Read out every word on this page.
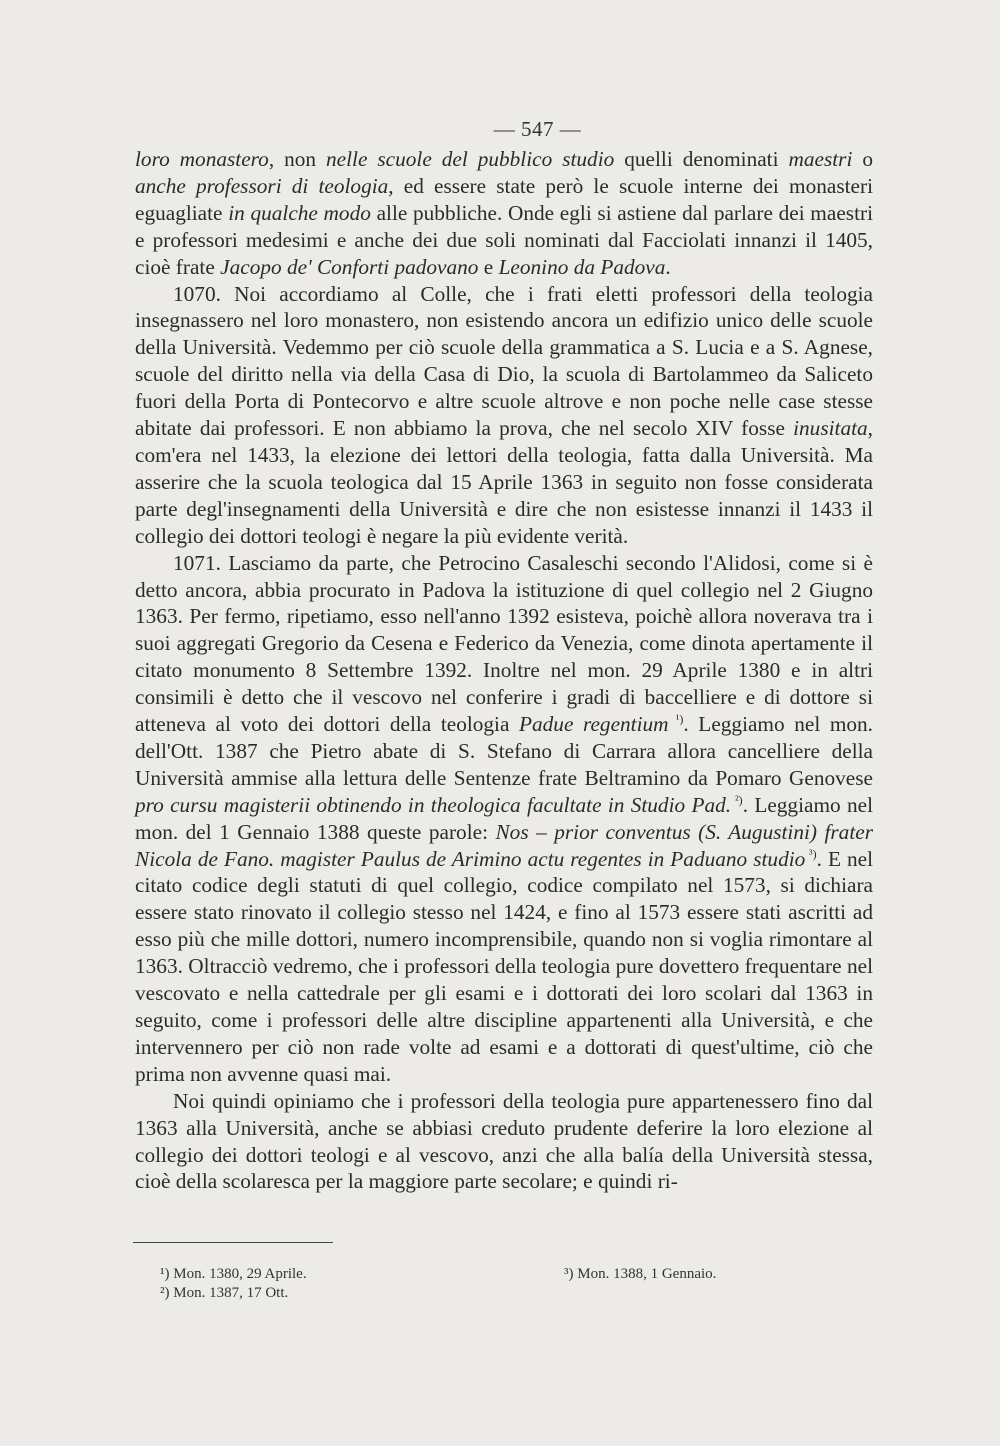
— 547 —

loro monastero, non nelle scuole del pubblico studio quelli denominati maestri o anche professori di teologia, ed essere state però le scuole interne dei monasteri eguagliate in qualche modo alle pubbliche. Onde egli si astiene dal parlare dei maestri e professori medesimi e anche dei due soli nominati dal Facciolati innanzi il 1405, cioè frate Jacopo de' Conforti padovano e Leonino da Padova.

1070. Noi accordiamo al Colle, che i frati eletti professori della teologia insegnassero nel loro monastero, non esistendo ancora un edifizio unico delle scuole della Università. Vedemmo per ciò scuole della grammatica a S. Lucia e a S. Agnese, scuole del diritto nella via della Casa di Dio, la scuola di Bartolammeo da Saliceto fuori della Porta di Pontecorvo e altre scuole altrove e non poche nelle case stesse abitate dai professori. E non abbiamo la prova, che nel secolo XIV fosse inusitata, com'era nel 1433, la elezione dei lettori della teologia, fatta dalla Università. Ma asserire che la scuola teologica dal 15 Aprile 1363 in seguito non fosse considerata parte degl'insegnamenti della Università e dire che non esistesse innanzi il 1433 il collegio dei dottori teologi è negare la più evidente verità.

1071. Lasciamo da parte, che Petrocino Casaleschi secondo l'Alidosi, come si è detto ancora, abbia procurato in Padova la istituzione di quel collegio nel 2 Giugno 1363. Per fermo, ripetiamo, esso nell'anno 1392 esisteva, poichè allora noverava tra i suoi aggregati Gregorio da Cesena e Federico da Venezia, come dinota apertamente il citato monumento 8 Settembre 1392. Inoltre nel mon. 29 Aprile 1380 e in altri consimili è detto che il vescovo nel conferire i gradi di baccelliere e di dottore si atteneva al voto dei dottori della teologia Padue regentium $^{^1)}$. Leggiamo nel mon. dell'Ott. 1387 che Pietro abate di S. Stefano di Carrara allora cancelliere della Università ammise alla lettura delle Sentenze frate Beltramino da Pomaro Genovese pro cursu magisterii obtinendo in theologica facultate in Studio Pad. $^{^2)}$. Leggiamo nel mon. del 1 Gennaio 1388 queste parole: Nos – prior conventus (S. Augustini) frater Nicola de Fano. magister Paulus de Arimino actu regentes in Paduano studio $^{^3)}$. E nel citato codice degli statuti di quel collegio, codice compilato nel 1573, si dichiara essere stato rinovato il collegio stesso nel 1424, e fino al 1573 essere stati ascritti ad esso più che mille dottori, numero incomprensibile, quando non si voglia rimontare al 1363. Oltracciò vedremo, che i professori della teologia pure dovettero frequentare nel vescovato e nella cattedrale per gli esami e i dottorati dei loro scolari dal 1363 in seguito, come i professori delle altre discipline appartenenti alla Università, e che intervennero per ciò non rade volte ad esami e a dottorati di quest'ultime, ciò che prima non avvenne quasi mai.

Noi quindi opiniamo che i professori della teologia pure appartenessero fino dal 1363 alla Università, anche se abbiasi creduto prudente deferire la loro elezione al collegio dei dottori teologi e al vescovo, anzi che alla balía della Università stessa, cioè della scolaresca per la maggiore parte secolare; e quindi ri-

¹) Mon. 1380, 29 Aprile.
²) Mon. 1387, 17 Ott.
³) Mon. 1388, 1 Gennaio.
